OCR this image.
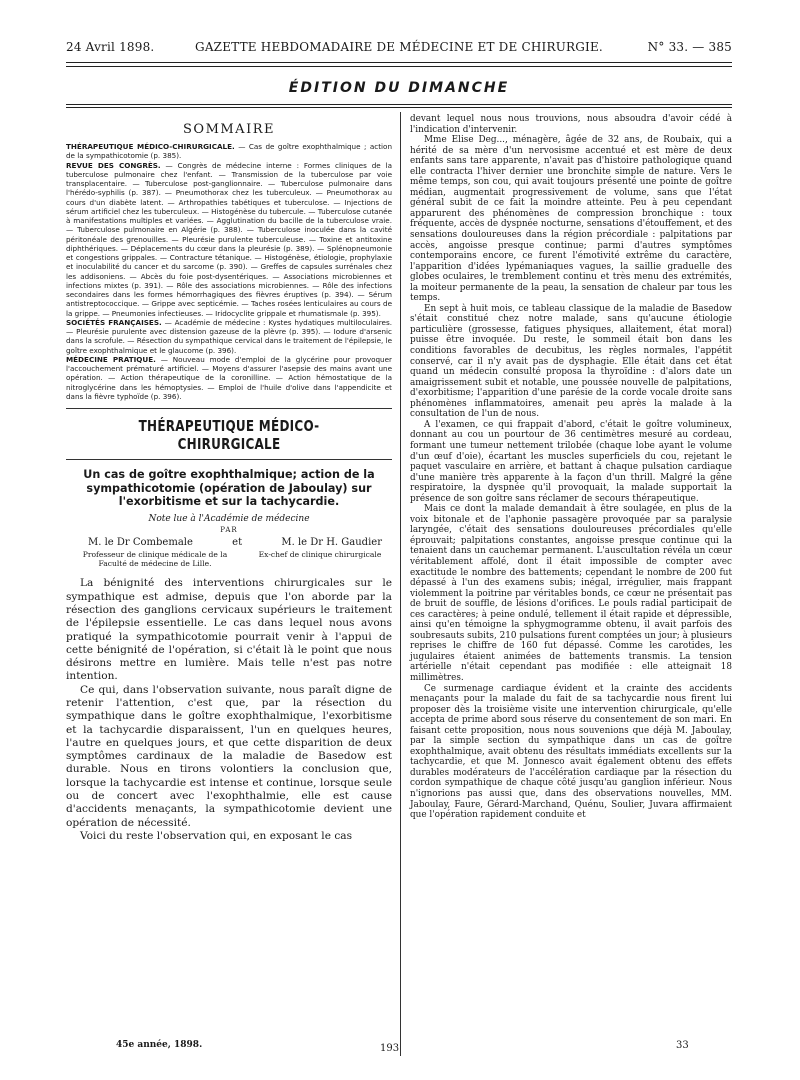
24 Avril 1898.	GAZETTE HEBDOMADAIRE DE MÉDECINE ET DE CHIRURGIE.	N° 33. — 385
ÉDITION DU DIMANCHE
SOMMAIRE

THÉRAPEUTIQUE MÉDICO-CHIRURGICALE. — Cas de goître exophthalmique ; action de la sympathicotomie (p. 385).

REVUE DES CONGRÈS. — Congrès de médecine interne : Formes cliniques de la tuberculose pulmonaire chez l'enfant. — Transmission de la tuberculose par voie transplacentaire. — Tuberculose post-ganglionnaire. — Tuberculose pulmonaire dans l'hérédo-syphilis (p. 387). — Pneumothorax chez les tuberculeux. — Pneumothorax au cours d'un diabète latent. — Arthropathies tabétiques et tuberculose. — Injections de sérum artificiel chez les tuberculeux. — Histogénèse du tubercule. — Tuberculose cutanée à manifestations multiples et variées. — Agglutination du bacille de la tuberculose vraie. — Tuberculose pulmonaire en Algérie (p. 388). — Tuberculose inoculée dans la cavité péritonéale des grenouilles. — Pleurésie purulente tuberculeuse. — Toxine et antitoxine diphthériques. — Déplacements du cœur dans la pleurésie (p. 389). — Splénopneumonie et congestions grippales. — Contracture tétanique. — Histogénèse, étiologie, prophylaxie et inoculabilité du cancer et du sarcome (p. 390). — Greffes de capsules surrénales chez les addisoniens. — Abcès du foie post-dysentériques. — Associations microbiennes et infections mixtes (p. 391). — Rôle des associations microbiennes. — Rôle des infections secondaires dans les formes hémorrhagiques des fièvres éruptives (p. 394). — Sérum antistreptococcique. — Grippe avec septicémie. — Taches rosées lenticulaires au cours de la grippe. — Pneumonies infectieuses. — Iridocyclite grippale et rhumatismale (p. 395).

SOCIÉTÉS FRANÇAISES. — Académie de médecine : Kystes hydatiques multiloculaires. — Pleurésie purulente avec distension gazeuse de la plèvre (p. 395). — Iodure d'arsenic dans la scrofule. — Résection du sympathique cervical dans le traitement de l'épilepsie, le goître exophthalmique et le glaucome (p. 396).

MÉDECINE PRATIQUE. — Nouveau mode d'emploi de la glycérine pour provoquer l'accouchement prématuré artificiel. — Moyens d'assurer l'asepsie des mains avant une opération. — Action thérapeutique de la coronilline. — Action hémostatique de la nitroglycérine dans les hémoptysies. — Emploi de l'huile d'olive dans l'appendicite et dans la fièvre typhoïde (p. 396).

THÉRAPEUTIQUE MÉDICO-CHIRURGICALE
Un cas de goître exophthalmique; action de la sympathicotomie (opération de Jaboulay) sur l'exorbitisme et sur la tachycardie.
Note lue à l'Académie de médecine
PAR
M. le Dr Combemale	et	M. le Dr H. Gaudier
Professeur de clinique médicale de la Faculté de médecine de Lille.
Ex-chef de clinique chirurgicale

La bénignité des interventions chirurgicales sur le sympathique est admise, depuis que l'on aborde par la résection des ganglions cervicaux supérieurs le traitement de l'épilepsie essentielle. Le cas dans lequel nous avons pratiqué la sympathicotomie pourrait venir à l'appui de cette bénignité de l'opération, si c'était là le point que nous désirons mettre en lumière. Mais telle n'est pas notre intention.

Ce qui, dans l'observation suivante, nous paraît digne de retenir l'attention, c'est que, par la résection du sympathique dans le goître exophthalmique, l'exorbitisme et la tachycardie disparaissent, l'un en quelques heures, l'autre en quelques jours, et que cette disparition de deux symptômes cardinaux de la maladie de Basedow est durable. Nous en tirons volontiers la conclusion que, lorsque la tachycardie est intense et continue, lorsque seule ou de concert avec l'exophthalmie, elle est cause d'accidents menaçants, la sympathicotomie devient une opération de nécessité.

Voici du reste l'observation qui, en exposant le cas

devant lequel nous nous trouvions, nous absoudra d'avoir cédé à l'indication d'intervenir.

Mme Elise Deg..., ménagère, âgée de 32 ans, de Roubaix, qui a hérité de sa mère d'un nervosisme accentué et est mère de deux enfants sans tare apparente, n'avait pas d'histoire pathologique quand elle contracta l'hiver dernier une bronchite simple de nature. Vers le même temps, son cou, qui avait toujours présenté une pointe de goître médian, augmentait progressivement de volume, sans que l'état général subit de ce fait la moindre atteinte. Peu à peu cependant apparurent des phénomènes de compression bronchique : toux fréquente, accès de dyspnée nocturne, sensations d'étouffement, et des sensations douloureuses dans la région précordiale : palpitations par accès, angoisse presque continue; parmi d'autres symptômes contemporains encore, ce furent l'émotivité extrême du caractère, l'apparition d'idées lypémaniaques vagues, la saillie graduelle des globes oculaires, le tremblement continu et très menu des extrémités, la moiteur permanente de la peau, la sensation de chaleur par tous les temps.

En sept à huit mois, ce tableau classique de la maladie de Basedow s'était constitué chez notre malade, sans qu'aucune étiologie particulière (grossesse, fatigues physiques, allaitement, état moral) puisse être invoquée. Du reste, le sommeil était bon dans les conditions favorables de decubitus, les règles normales, l'appétit conservé, car il n'y avait pas de dysphagie. Elle était dans cet état quand un médecin consulté proposa la thyroïdine : d'alors date un amaigrissement subit et notable, une poussée nouvelle de palpitations, d'exorbitisme; l'apparition d'une parésie de la corde vocale droite sans phénomènes inflammatoires, amenait peu après la malade à la consultation de l'un de nous.

A l'examen, ce qui frappait d'abord, c'était le goître volumineux, donnant au cou un pourtour de 36 centimètres mesuré au cordeau, formant une tumeur nettement trilobée (chaque lobe ayant le volume d'un œuf d'oie), écartant les muscles superficiels du cou, rejetant le paquet vasculaire en arrière, et battant à chaque pulsation cardiaque d'une manière très apparente à la façon d'un thrill. Malgré la gêne respiratoire, la dyspnée qu'il provoquait, la malade supportait la présence de son goître sans réclamer de secours thérapeutique.

Mais ce dont la malade demandait à être soulagée, en plus de la voix bitonale et de l'aphonie passagère provoquée par sa paralysie laryngée, c'était des sensations douloureuses précordiales qu'elle éprouvait; palpitations constantes, angoisse presque continue qui la tenaient dans un cauchemar permanent. L'auscultation révéla un cœur véritablement affolé, dont il était impossible de compter avec exactitude le nombre des battements; cependant le nombre de 200 fut dépassé à l'un des examens subis; inégal, irrégulier, mais frappant violemment la poitrine par véritables bonds, ce cœur ne présentait pas de bruit de souffle, de lésions d'orifices. Le pouls radial participait de ces caractères; à peine ondulé, tellement il était rapide et dépressible, ainsi qu'en témoigne la sphygmogramme obtenu, il avait parfois des soubresauts subits, 210 pulsations furent comptées un jour; à plusieurs reprises le chiffre de 160 fut dépassé. Comme les carotides, les jugulaires étaient animées de battements transmis. La tension artérielle n'était cependant pas modifiée : elle atteignait 18 millimètres.

Ce surmenage cardiaque évident et la crainte des accidents menaçants pour la malade du fait de sa tachycardie nous firent lui proposer dès la troisième visite une intervention chirurgicale, qu'elle accepta de prime abord sous réserve du consentement de son mari. En faisant cette proposition, nous nous souvenions que déjà M. Jaboulay, par la simple section du sympathique dans un cas de goître exophthalmique, avait obtenu des résultats immédiats excellents sur la tachycardie, et que M. Jonnesco avait également obtenu des effets durables modérateurs de l'accélération cardiaque par la résection du cordon sympathique de chaque côté jusqu'au ganglion inférieur. Nous n'ignorions pas aussi que, dans des observations nouvelles, MM. Jaboulay, Faure, Gérard-Marchand, Quénu, Soulier, Juvara affirmaient que l'opération rapidement conduite et

45e année, 1898.	193	33
